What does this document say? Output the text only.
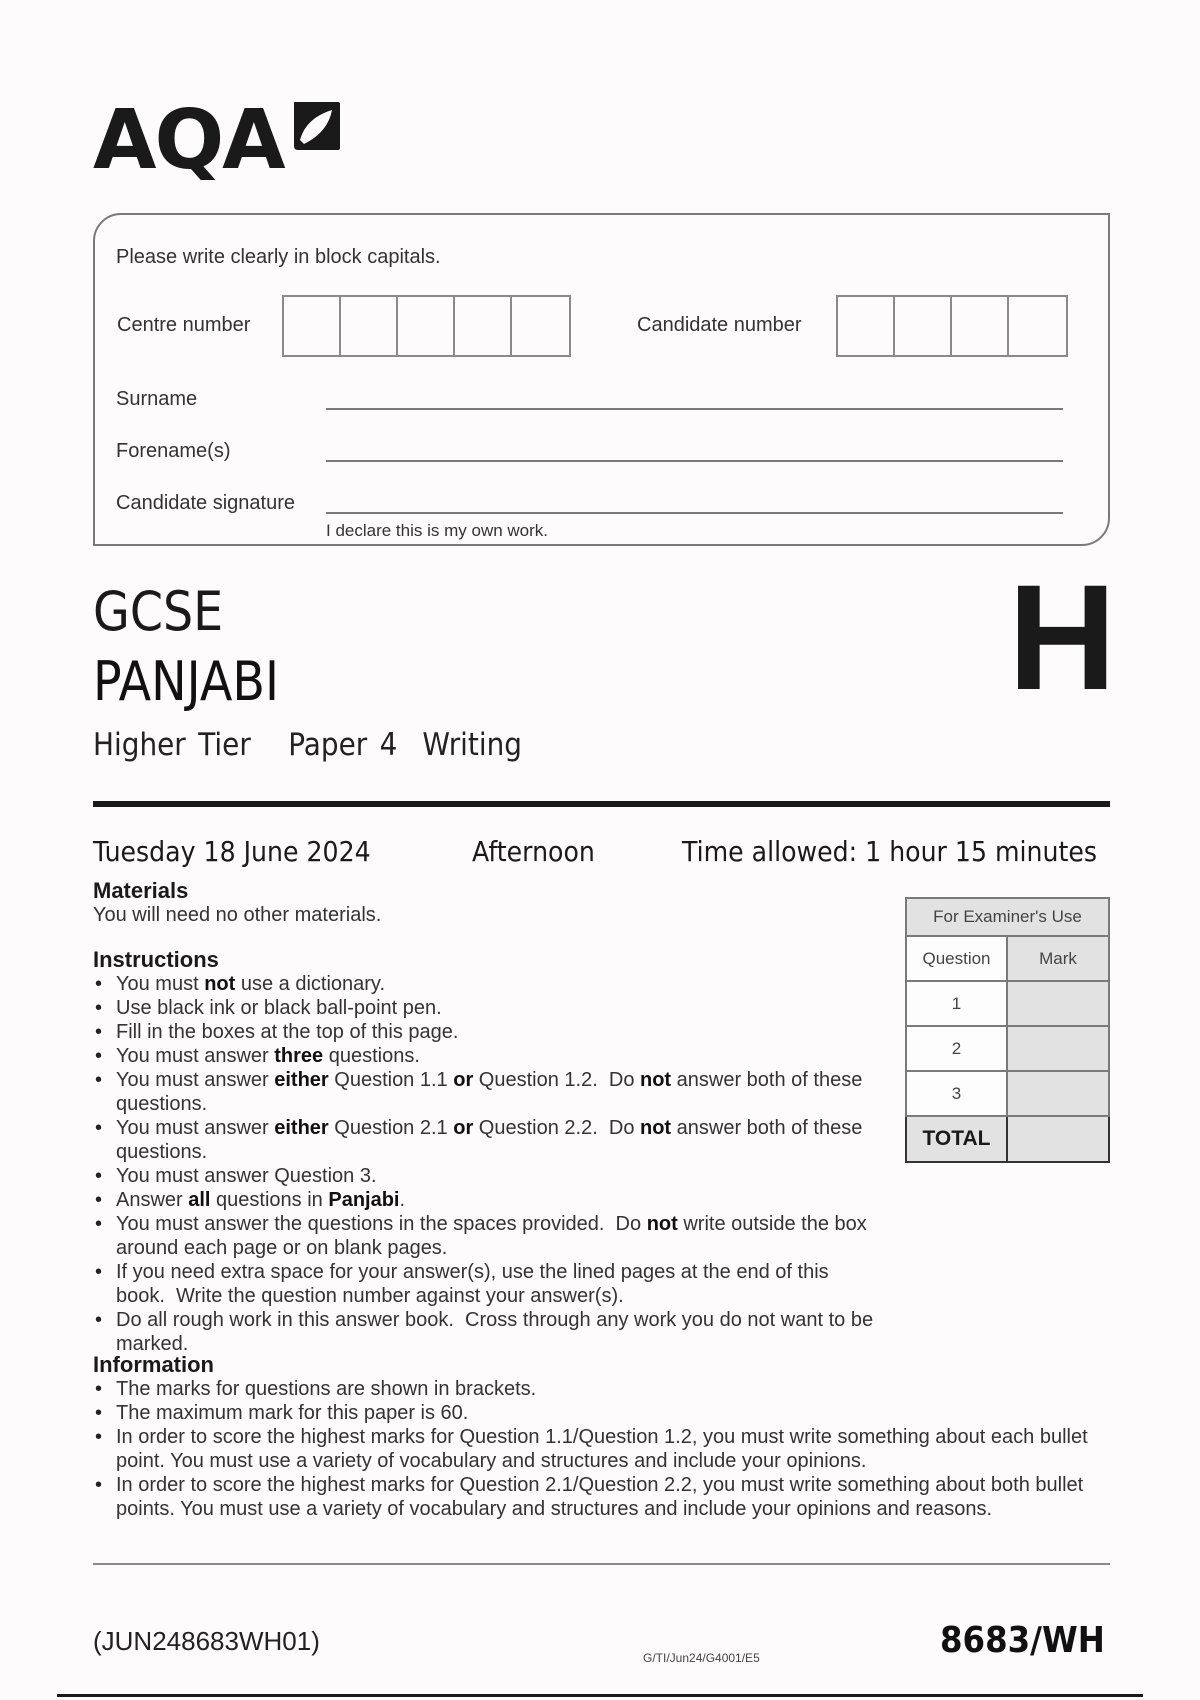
AQA
Please write clearly in block capitals.
Centre number	Candidate number
Surname
Forename(s)
Candidate signature
I declare this is my own work.
GCSE
PANJABI
Higher Tier   Paper 4  Writing
H
Tuesday 18 June 2024	Afternoon	Time allowed: 1 hour 15 minutes
Materials
You will need no other materials.
Instructions
• You must not use a dictionary.
• Use black ink or black ball-point pen.
• Fill in the boxes at the top of this page.
• You must answer three questions.
• You must answer either Question 1.1 or Question 1.2.  Do not answer both of these questions.
• You must answer either Question 2.1 or Question 2.2.  Do not answer both of these questions.
• You must answer Question 3.
• Answer all questions in Panjabi.
• You must answer the questions in the spaces provided.  Do not write outside the box around each page or on blank pages.
• If you need extra space for your answer(s), use the lined pages at the end of this book.  Write the question number against your answer(s).
• Do all rough work in this answer book.  Cross through any work you do not want to be marked.
For Examiner's Use	
Question	Mark
1	
2	
3	
TOTAL	
Information
• The marks for questions are shown in brackets.
• The maximum mark for this paper is 60.
• In order to score the highest marks for Question 1.1/Question 1.2, you must write something about each bullet point. You must use a variety of vocabulary and structures and include your opinions.
• In order to score the highest marks for Question 2.1/Question 2.2, you must write something about both bullet points. You must use a variety of vocabulary and structures and include your opinions and reasons.
(JUN248683WH01)
G/TI/Jun24/G4001/E5	8683/WH
